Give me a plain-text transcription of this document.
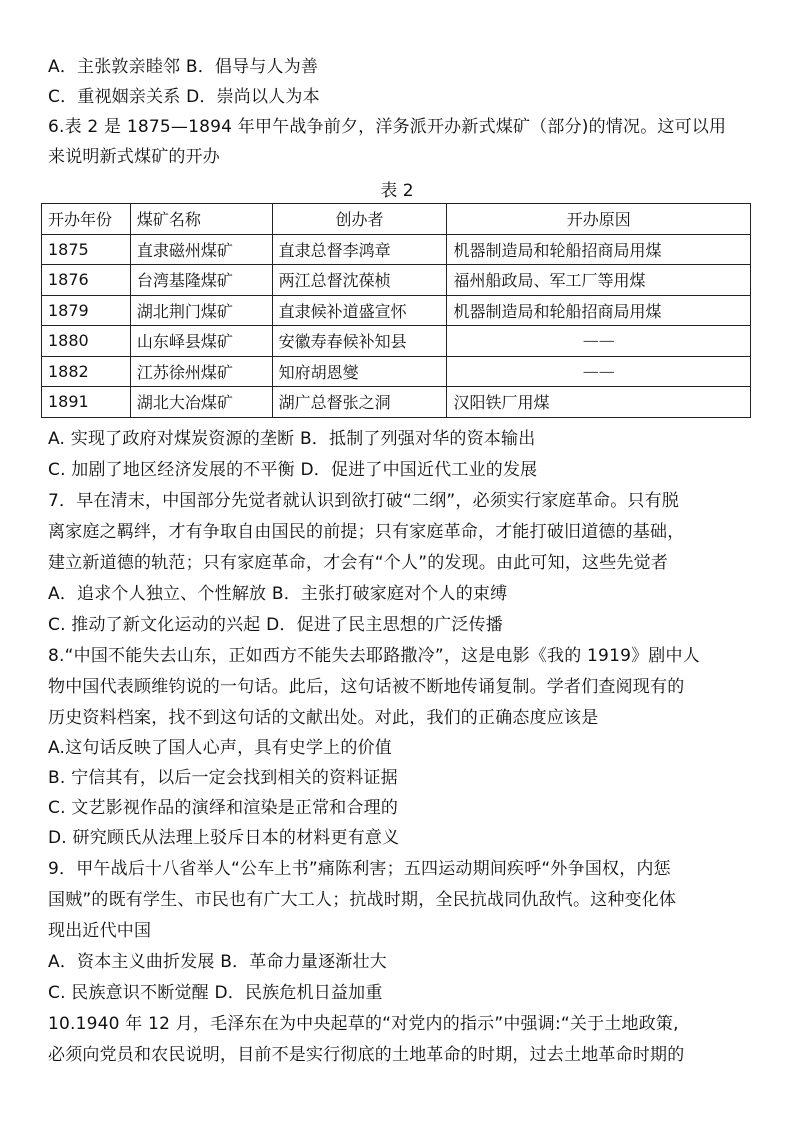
A．主张敦亲睦邻 B．倡导与人为善
C．重视姻亲关系 D．崇尚以人为本
6.表 2 是 1875—1894 年甲午战争前夕，洋务派开办新式煤矿（部分)的情况。这可以用
来说明新式煤矿的开办
表 2
开办年份	煤矿名称	创办者	开办原因
1875	直隶磁州煤矿	直隶总督李鸿章	机器制造局和轮船招商局用煤
1876	台湾基隆煤矿	两江总督沈葆桢	福州船政局、军工厂等用煤
1879	湖北荆门煤矿	直隶候补道盛宣怀	机器制造局和轮船招商局用煤
1880	山东峄县煤矿	安徽寿春候补知县	——
1882	江苏徐州煤矿	知府胡恩燮	——
1891	湖北大冶煤矿	湖广总督张之洞	汉阳铁厂用煤
A. 实现了政府对煤炭资源的垄断 B．抵制了列强对华的资本输出
C. 加剧了地区经济发展的不平衡 D．促进了中国近代工业的发展
7．早在清末，中国部分先觉者就认识到欲打破“二纲”，必须实行家庭革命。只有脱
离家庭之羁绊，才有争取自由国民的前提；只有家庭革命，才能打破旧道德的基础，
建立新道德的轨范；只有家庭革命，才会有“个人”的发现。由此可知，这些先觉者
A．追求个人独立、个性解放 B．主张打破家庭对个人的束缚
C. 推动了新文化运动的兴起 D．促进了民主思想的广泛传播
8.“中国不能失去山东，正如西方不能失去耶路撒冷”，这是电影《我的 1919》剧中人
物中国代表顾维钧说的一句话。此后，这句话被不断地传诵复制。学者们查阅现有的
历史资料档案，找不到这句话的文献出处。对此，我们的正确态度应该是
A.这句话反映了国人心声，具有史学上的价值
B. 宁信其有，以后一定会找到相关的资料证据
C. 文艺影视作品的演绎和渲染是正常和合理的
D. 研究顾氏从法理上驳斥日本的材料更有意义
9．甲午战后十八省举人“公车上书”痛陈利害；五四运动期间疾呼“外争国权，内惩
国贼”的既有学生、市民也有广大工人；抗战时期，全民抗战同仇敌忾。这种变化体
现出近代中国
A．资本主义曲折发展 B．革命力量逐渐壮大
C. 民族意识不断觉醒 D．民族危机日益加重
10.1940 年 12 月，毛泽东在为中央起草的“对党内的指示”中强调:“关于土地政策,
必须向党员和农民说明，目前不是实行彻底的土地革命的时期，过去土地革命时期的
